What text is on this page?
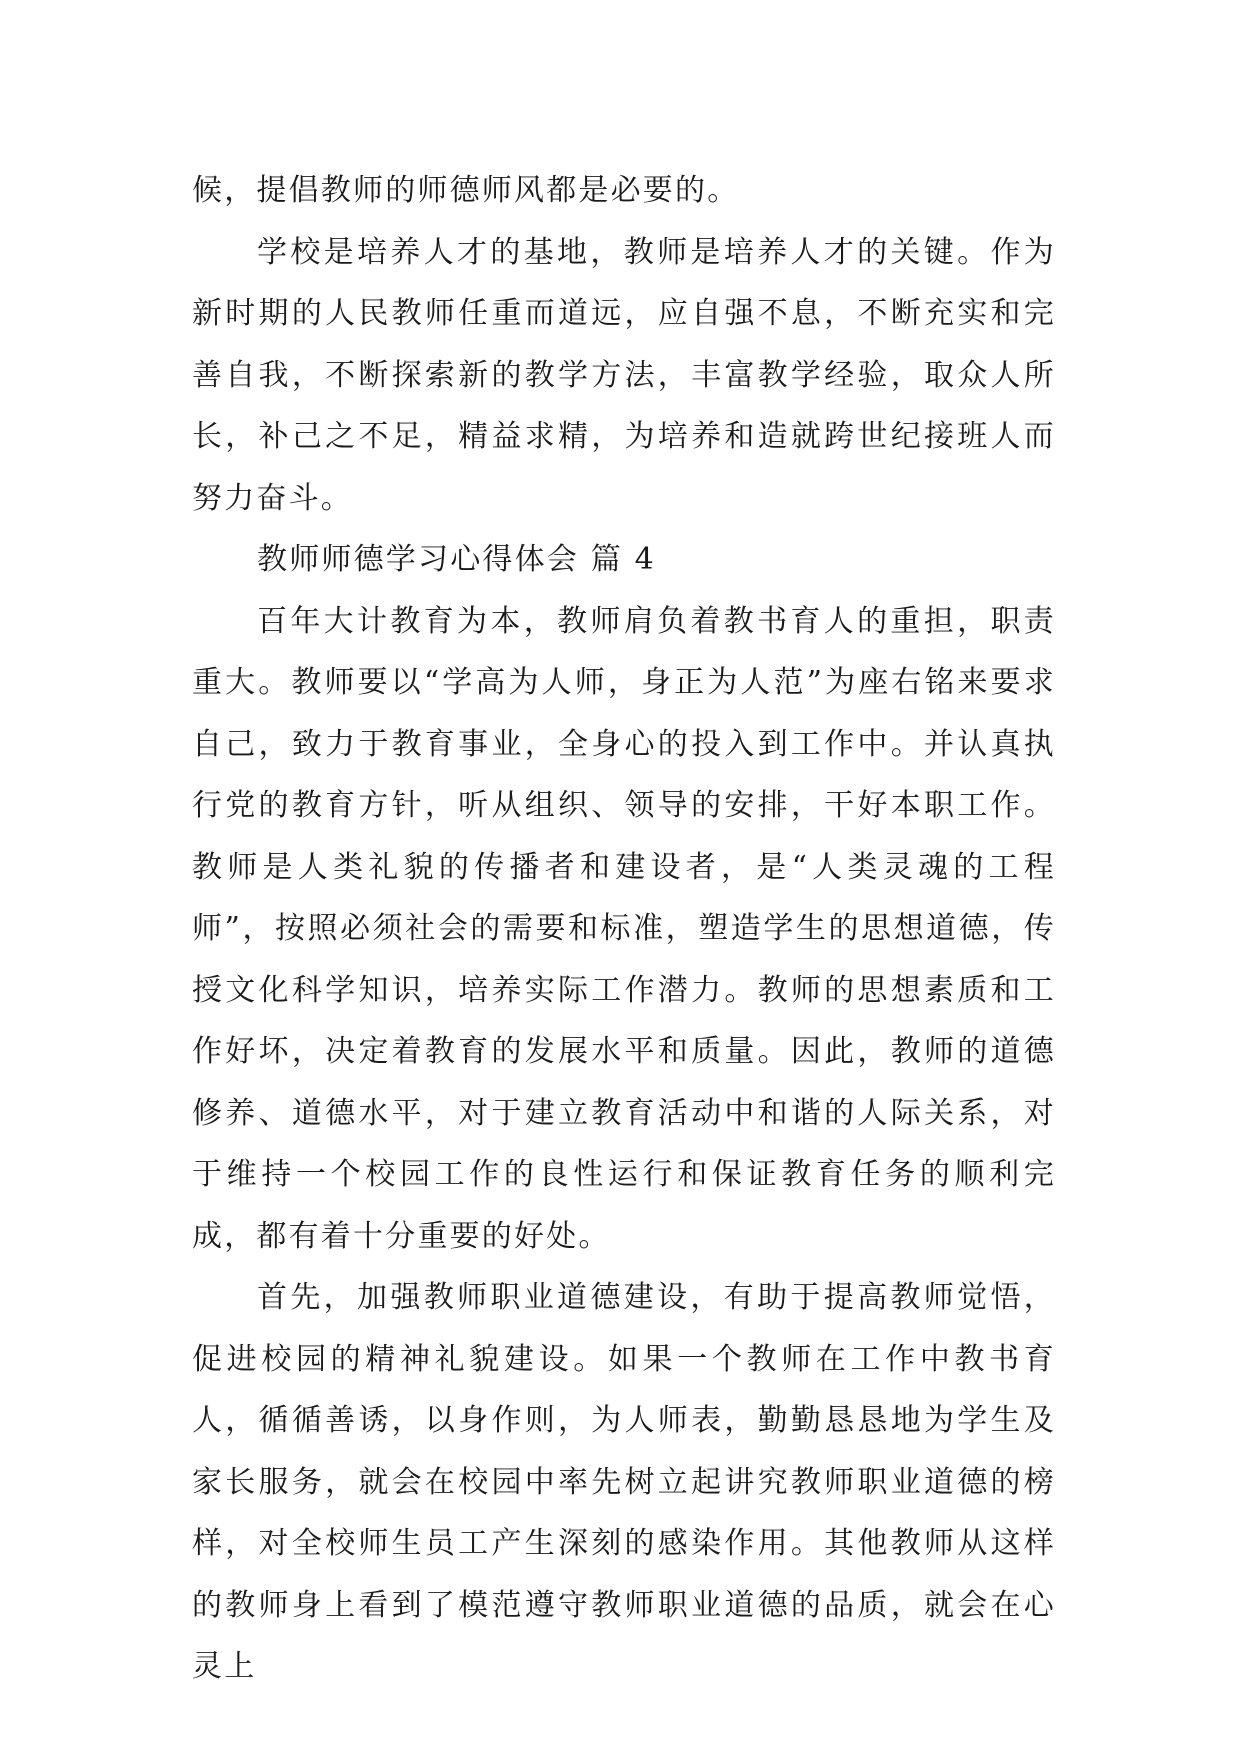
候，提倡教师的师德师风都是必要的。

学校是培养人才的基地，教师是培养人才的关键。作为新时期的人民教师任重而道远，应自强不息，不断充实和完善自我，不断探索新的教学方法，丰富教学经验，取众人所长，补己之不足，精益求精，为培养和造就跨世纪接班人而努力奋斗。

教师师德学习心得体会 篇 4

百年大计教育为本，教师肩负着教书育人的重担，职责重大。教师要以“学高为人师，身正为人范”为座右铭来要求自己，致力于教育事业，全身心的投入到工作中。并认真执行党的教育方针，听从组织、领导的安排，干好本职工作。教师是人类礼貌的传播者和建设者，是“人类灵魂的工程师”，按照必须社会的需要和标准，塑造学生的思想道德，传授文化科学知识，培养实际工作潜力。教师的思想素质和工作好坏，决定着教育的发展水平和质量。因此，教师的道德修养、道德水平，对于建立教育活动中和谐的人际关系，对于维持一个校园工作的良性运行和保证教育任务的顺利完成，都有着十分重要的好处。

首先，加强教师职业道德建设，有助于提高教师觉悟，促进校园的精神礼貌建设。如果一个教师在工作中教书育人，循循善诱，以身作则，为人师表，勤勤恳恳地为学生及家长服务，就会在校园中率先树立起讲究教师职业道德的榜样，对全校师生员工产生深刻的感染作用。其他教师从这样的教师身上看到了模范遵守教师职业道德的品质，就会在心灵上
